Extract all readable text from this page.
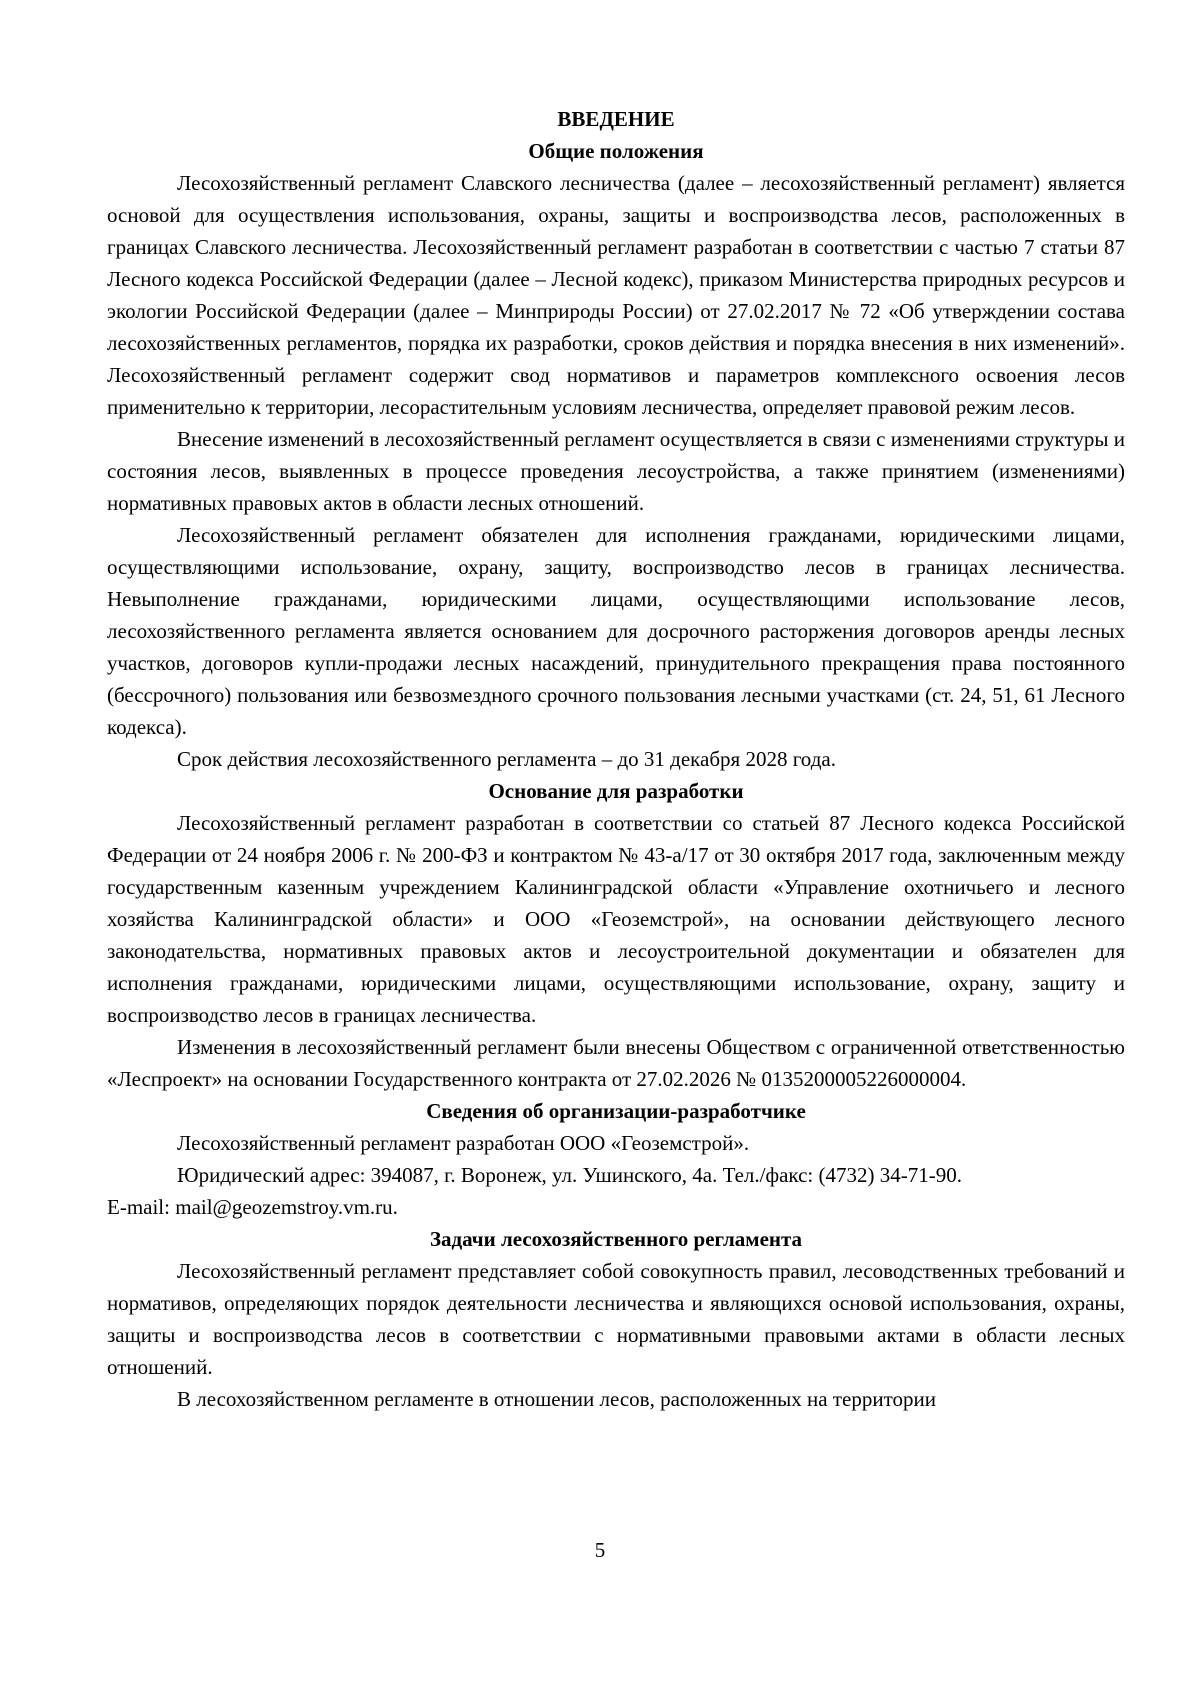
ВВЕДЕНИЕ
Общие положения

Лесохозяйственный регламент Славского лесничества (далее – лесохозяйственный регламент) является основой для осуществления использования, охраны, защиты и воспроизводства лесов, расположенных в границах Славского лесничества. Лесохозяйственный регламент разработан в соответствии с частью 7 статьи 87 Лесного кодекса Российской Федерации (далее – Лесной кодекс), приказом Министерства природных ресурсов и экологии Российской Федерации (далее – Минприроды России) от 27.02.2017 № 72 «Об утверждении состава лесохозяйственных регламентов, порядка их разработки, сроков действия и порядка внесения в них изменений». Лесохозяйственный регламент содержит свод нормативов и параметров комплексного освоения лесов применительно к территории, лесорастительным условиям лесничества, определяет правовой режим лесов.

Внесение изменений в лесохозяйственный регламент осуществляется в связи с изменениями структуры и состояния лесов, выявленных в процессе проведения лесоустройства, а также принятием (изменениями) нормативных правовых актов в области лесных отношений.

Лесохозяйственный регламент обязателен для исполнения гражданами, юридическими лицами, осуществляющими использование, охрану, защиту, воспроизводство лесов в границах лесничества. Невыполнение гражданами, юридическими лицами, осуществляющими использование лесов, лесохозяйственного регламента является основанием для досрочного расторжения договоров аренды лесных участков, договоров купли-продажи лесных насаждений, принудительного прекращения права постоянного (бессрочного) пользования или безвозмездного срочного пользования лесными участками (ст. 24, 51, 61 Лесного кодекса).

Срок действия лесохозяйственного регламента – до 31 декабря 2028 года.

Основание для разработки

Лесохозяйственный регламент разработан в соответствии со статьей 87 Лесного кодекса Российской Федерации от 24 ноября 2006 г. № 200-ФЗ и контрактом № 43-а/17 от 30 октября 2017 года, заключенным между государственным казенным учреждением Калининградской области «Управление охотничьего и лесного хозяйства Калининградской области» и ООО «Геоземстрой», на основании действующего лесного законодательства, нормативных правовых актов и лесоустроительной документации и обязателен для исполнения гражданами, юридическими лицами, осуществляющими использование, охрану, защиту и воспроизводство лесов в границах лесничества.

Изменения в лесохозяйственный регламент были внесены Обществом с ограниченной ответственностью «Леспроект» на основании Государственного контракта от 27.02.2026 № 0135200005226000004.

Сведения об организации-разработчике

Лесохозяйственный регламент разработан ООО «Геоземстрой».

Юридический адрес: 394087, г. Воронеж, ул. Ушинского, 4а. Тел./факс: (4732) 34-71-90.

E-mail: mail@geozemstroy.vm.ru.

Задачи лесохозяйственного регламента

Лесохозяйственный регламент представляет собой совокупность правил, лесоводственных требований и нормативов, определяющих порядок деятельности лесничества и являющихся основой использования, охраны, защиты и воспроизводства лесов в соответствии с нормативными правовыми актами в области лесных отношений.

В лесохозяйственном регламенте в отношении лесов, расположенных на территории

5
